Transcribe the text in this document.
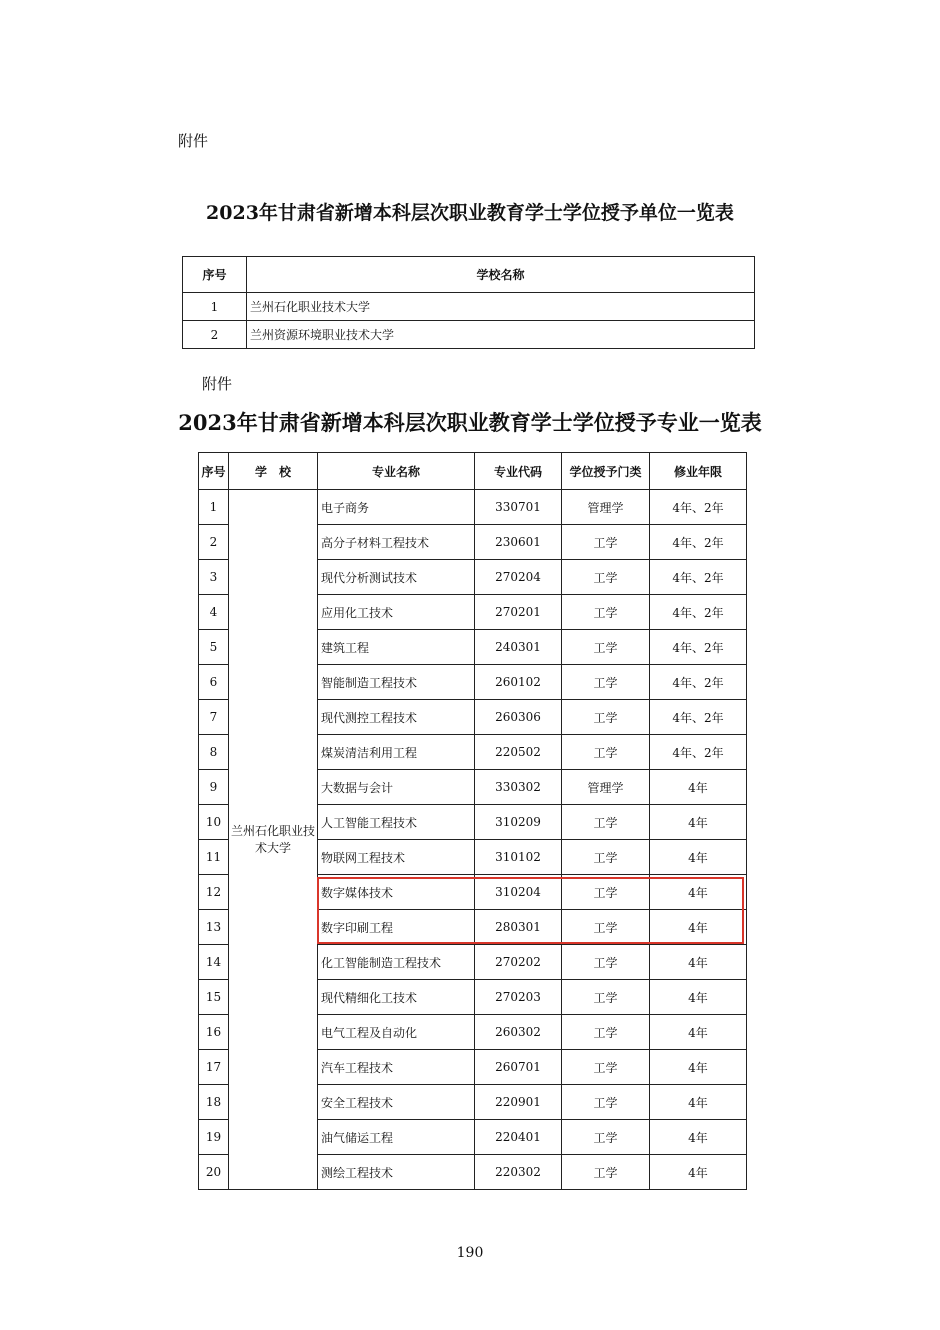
附件
2023年甘肃省新增本科层次职业教育学士学位授予单位一览表
序号	学校名称
1	兰州石化职业技术大学
2	兰州资源环境职业技术大学
附件
2023年甘肃省新增本科层次职业教育学士学位授予专业一览表
序号	学　校	专业名称	专业代码	学位授予门类	修业年限
1	兰州石化职业技术大学	电子商务	330701	管理学	4年、2年
2		高分子材料工程技术	230601	工学	4年、2年
3		现代分析测试技术	270204	工学	4年、2年
4		应用化工技术	270201	工学	4年、2年
5		建筑工程	240301	工学	4年、2年
6		智能制造工程技术	260102	工学	4年、2年
7		现代测控工程技术	260306	工学	4年、2年
8		煤炭清洁利用工程	220502	工学	4年、2年
9		大数据与会计	330302	管理学	4年
10		人工智能工程技术	310209	工学	4年
11		物联网工程技术	310102	工学	4年
12		数字媒体技术	310204	工学	4年
13		数字印刷工程	280301	工学	4年
14		化工智能制造工程技术	270202	工学	4年
15		现代精细化工技术	270203	工学	4年
16		电气工程及自动化	260302	工学	4年
17		汽车工程技术	260701	工学	4年
18		安全工程技术	220901	工学	4年
19		油气储运工程	220401	工学	4年
20		测绘工程技术	220302	工学	4年
190
